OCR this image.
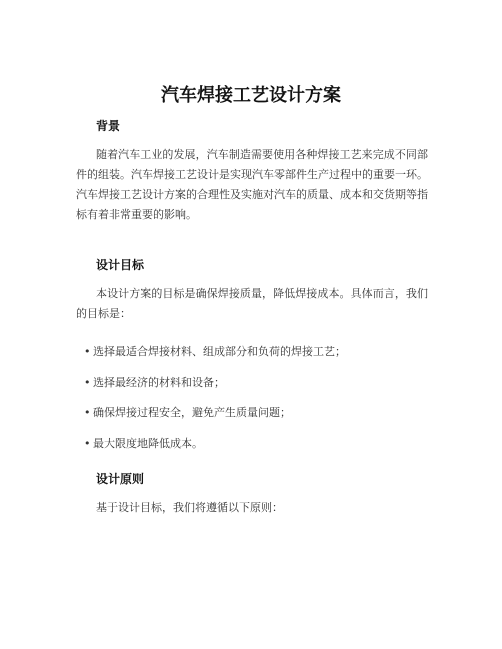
汽车焊接工艺设计方案
背景
随着汽车工业的发展，汽车制造需要使用各种焊接工艺来完成不同部件的组装。汽车焊接工艺设计是实现汽车零部件生产过程中的重要一环。汽车焊接工艺设计方案的合理性及实施对汽车的质量、成本和交货期等指标有着非常重要的影响。
设计目标
本设计方案的目标是确保焊接质量，降低焊接成本。具体而言，我们的目标是：
• 选择最适合焊接材料、组成部分和负荷的焊接工艺；
• 选择最经济的材料和设备；
• 确保焊接过程安全，避免产生质量问题；
• 最大限度地降低成本。
设计原则
基于设计目标，我们将遵循以下原则：
